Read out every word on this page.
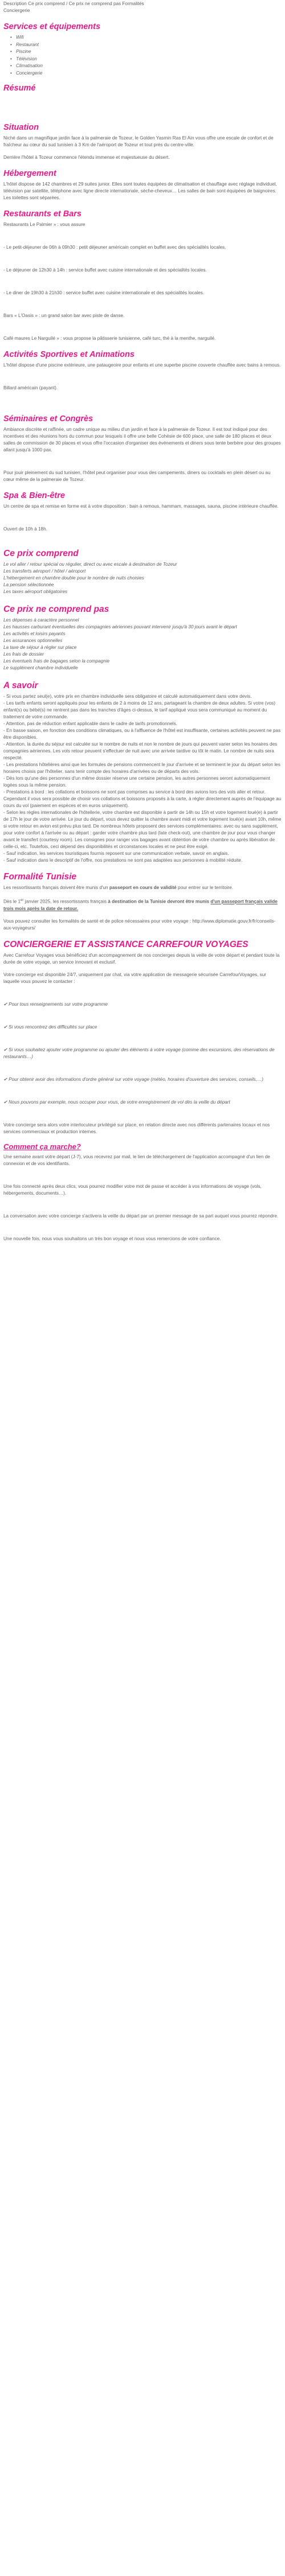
Description Ce prix comprend / Ce prix ne comprend pas Formalités
Conciergerie
Services et équipements
• Wifi
• Restaurant
• Piscine
• Télévision
• Climatisation
• Conciergerie
Résumé
Situation

Niché dans un magnifique jardin face à la palmeraie de Tozeur, le Golden Yasmin Ras El Ain vous offre une escale de confort et de fraîcheur au cœur du sud tunisien à 3 Km de l'aéroport de Tozeur et tout près du centre-ville.

Derrière l'hôtel à Tozeur commence l'étendu immense et majestueuse du désert.

Hébergement

L'hôtel dispose de 142 chambres et 29 suites junior. Elles sont toutes équipées de climatisation et chauffage avec réglage individuel, télévision par satellite, téléphone avec ligne directe internationale, sèche-cheveux… Les salles de bain sont équipées de baignoires. Les toilettes sont séparées.

Restaurants et Bars

Restaurants Le Palmier » : vous assure

- Le petit-déjeuner de 06h à 09h30 : petit déjeuner américain complet en buffet avec des spécialités locales.

- Le déjeuner de 12h30 à 14h : service buffet avec cuisine internationale et des spécialités locales.

- Le diner de 19h30 à 21h30 : service buffet avec cuisine internationale et des spécialités locales.

Bars « L'Oasis » : un grand salon bar avec piste de danse.

Café maures Le Narguilé » : vous propose la pâtisserie tunisienne, café turc, thé à la menthe, narguilé.

Activités Sportives et Animations

L'hôtel dispose d'une piscine extérieure, une pataugeoire pour enfants et une superbe piscine couverte chauffée avec bains à remous.

Billard américain (payant).

Séminaires et Congrès

Ambiance discrète et raffinée, un cadre unique au milieu d'un jardin et face à la palmeraie de Tozeur. Il est tout indiqué pour des incentives et des réunions hors du commun pour lesquels il offre une belle Cohésie de 600 place, une salle de 180 places et deux salles de commission de 30 places et vous offre l'occasion d'organiser des événements et diners sous tente berbère pour des groupes allant jusqu'à 1000 pax.

Pour jouir pleinement du sud tunisien, l'hôtel peut organiser pour vous des campements, diners ou cocktails en plein désert ou au cœur même de la palmeraie de Tozeur.

Spa & Bien-être

Un centre de spa et remise en forme est à votre disposition : bain à remous, hammam, massages, sauna, piscine intérieure chauffée.

Ouvert de 10h à 18h.

Ce prix comprend
Le vol aller / retour spécial ou régulier, direct ou avec escale à destination de Tozeur
Les transferts aéroport / hôtel / aéroport
L'hébergement en chambre double pour le nombre de nuits choisies
La pension sélectionnée
Les taxes aéroport obligatoires
Ce prix ne comprend pas
Les dépenses à caractère personnel
Les hausses carburant éventuelles des compagnies aériennes pouvant intervenir jusqu'à 30 jours avant le départ
Les activités et loisirs payants
Les assurances optionnelles
La taxe de séjour à régler sur place
Les frais de dossier
Les éventuels frais de bagages selon la compagnie
Le supplément chambre individuelle
A savoir
- Si vous partez seul(e), votre prix en chambre individuelle sera obligatoire et calculé automatiquement dans votre devis.
- Les tarifs enfants seront appliqués pour les enfants de 2 à moins de 12 ans, partageant la chambre de deux adultes. Si votre (vos) enfant(s) ou bébé(s) ne rentrent pas dans les tranches d'âges ci-dessus, le tarif appliqué vous sera communiqué au moment du traitement de votre commande.
- Attention, pas de réduction enfant applicable dans le cadre de tarifs promotionnels.
- En basse saison, en fonction des conditions climatiques, ou à l'affluence de l'hôtel est insuffisante, certaines activités peuvent ne pas être disponibles.
- Attention, la durée du séjour est calculée sur le nombre de nuits et non le nombre de jours qui peuvent varier selon les horaires des compagnies aériennes. Les vols retour peuvent s'effectuer de nuit avec une arrivée tardive ou tôt le matin. Le nombre de nuits sera respecté.
- Les prestations hôtelières ainsi que les formules de pensions commencent le jour d'arrivée et se terminent le jour du départ selon les horaires choisis par l'hôtelier, sans tenir compte des horaires d'arrivées ou de départs des vols.
- Dès lors qu'une des personnes d'un même dossier réserve une certaine pension, les autres personnes seront automatiquement logées sous la même pension.
- Prestations à bord : les collations et boissons ne sont pas comprises au service à bord des avions lors des vols aller et retour. Cependant il vous sera possible de choisir vos collations et boissons proposés à la carte, à régler directement auprès de l'équipage au cours du vol (paiement en espèces et en euros uniquement).
- Selon les règles internationales de l'hôtellerie, votre chambre est disponible à partir de 14h ou 15h et votre logement loué(e) à partir de 17h le jour de votre arrivée. Le jour du départ, vous devez quitter la chambre avant midi et votre logement loué(e) avant 10h, même si votre retour en avion est prévu plus tard. De nombreux hôtels proposent des services complémentaires: avec ou sans supplément, pour votre confort à l'arrivée ou au départ : garder votre chambre plus tard (late check-out), une chambre de jour pour vous changer avant le transfert (courtesy room). Les consignes pour ranger vos bagages avant obtention de votre chambre ou après libération de celle-ci, etc. Toutefois, ceci dépend des disponibilités et circonstances locales et ne peut être exigé.
- Sauf indication, les services touristiques fournis reposent sur une communication verbale, savoir en anglais.
- Sauf indication dans le descriptif de l'offre, nos prestations ne sont pas adaptées aux personnes à mobilité réduite.
Formalité Tunisie

Les ressortissants français doivent être munis d'un passeport en cours de validité pour entrer sur le territoire.

Dès le 1er janvier 2025, les ressortissants français à destination de la Tunisie devront être munis d'un passeport français valide trois mois après la date de retour.

Vous pouvez consulter les formalités de santé et de police nécessaires pour votre voyage : http://www.diplomatie.gouv.fr/fr/conseils-aux-voyageurs/

CONCIERGERIE ET ASSISTANCE CARREFOUR VOYAGES

Avec Carrefour Voyages vous bénéficiez d'un accompagnement de nos concierges depuis la veille de votre départ et pendant toute la durée de votre voyage, un service innovant et exclusif.

Votre concierge est disponible 24/7, uniquement par chat, via votre application de messagerie sécurisée CarrefourVoyages, sur laquelle vous pouvez le contacter :

✔ Pour tous renseignements sur votre programme

✔ Si vous rencontrez des difficultés sur place

✔ Si vous souhaitez ajouter votre programme ou ajouter des éléments à votre voyage (comme des excursions, des réservations de restaurants…)

✔ Pour obtenir avoir des informations d'ordre général sur votre voyage (météo, horaires d'ouverture des services, conseils,…)

✔ Nous pouvons par exemple, nous occuper pour vous, de votre enregistrement de vol dès la veille du départ

Votre concierge sera alors votre interlocuteur privilégié sur place, en relation directe avec nos différents partenaires locaux et nos services commerciaux et production internes.

Comment ça marche?

Une semaine avant votre départ (J-7), vous recevrez par mail, le lien de téléchargement de l'application accompagné d'un lien de connexion et de vos identifiants.

Une fois connecté après deux clics, vous pourrez modifier votre mot de passe et accéder à vos informations de voyage (vols, hébergements, documents…).

La conversation avec votre concierge s'activera la veille du départ par un premier message de sa part auquel vous pourrez répondre.

Une nouvelle fois, nous vous souhaitons un très bon voyage et nous vous remercions de votre confiance.
